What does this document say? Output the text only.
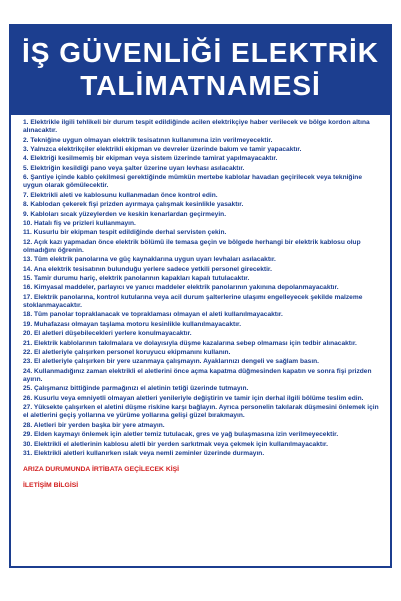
İŞ GÜVENLİĞİ ELEKTRİK
TALİMATNAMESİ
1. Elektrikle ilgili tehlikeli bir durum tespit edildiğinde acilen elektrikçiye haber verilecek ve bölge kordon altına alınacaktır.
2. Tekniğine uygun olmayan elektrik tesisatının kullanımına izin verilmeyecektir.
3. Yalnızca elektrikçiler elektrikli ekipman ve devreler üzerinde bakım ve tamir yapacaktır.
4. Elektriği kesilmemiş bir ekipman veya sistem üzerinde tamirat yapılmayacaktır.
5. Elektriğin kesildiği pano veya şalter üzerine uyarı levhası asılacaktır.
6. Şantiye içinde kablo çekilmesi gerektiğinde mümkün mertebe kablolar havadan geçirilecek veya tekniğine uygun olarak gömülecektir.
7. Elektrikli aleti ve kablosunu kullanmadan önce kontrol edin.
8. Kablodan çekerek fişi prizden ayırmaya çalışmak kesinlikle yasaktır.
9. Kabloları sıcak yüzeylerden ve keskin kenarlardan geçirmeyin.
10. Hatalı fiş ve prizleri kullanmayın.
11. Kusurlu bir ekipman tespit edildiğinde derhal servisten çekin.
12. Açık kazı yapmadan önce elektrik bölümü ile temasa geçin ve bölgede herhangi bir elektrik kablosu olup olmadığını öğrenin.
13. Tüm elektrik panolarına ve güç kaynaklarına uygun uyarı levhaları asılacaktır.
14. Ana elektrik tesisatının bulunduğu yerlere sadece yetkili personel girecektir.
15. Tamir durumu hariç, elektrik panolarının kapakları kapalı tutulacaktır.
16. Kimyasal maddeler, parlayıcı ve yanıcı maddeler elektrik panolarının yakınına depolanmayacaktır.
17. Elektrik panolarına, kontrol kutularına veya acil durum şalterlerine ulaşımı engelleyecek şekilde malzeme stoklanmayacaktır.
18. Tüm panolar topraklanacak ve topraklaması olmayan el aleti kullanılmayacaktır.
19. Muhafazası olmayan taşlama motoru kesinlikle kullanılmayacaktır.
20. El aletleri düşebilecekleri yerlere konulmayacaktır.
21. Elektrik kablolarının takılmalara ve dolayısıyla düşme kazalarına sebep olmaması için tedbir alınacaktır.
22. El aletleriyle çalışırken personel koruyucu ekipmanını kullanın.
23. El aletleriyle çalışırken bir yere uzanmaya çalışmayın. Ayaklarınızı dengeli ve sağlam basın.
24. Kullanmadığınız zaman elektrikli el aletlerini önce açma kapatma düğmesinden kapatın ve sonra fişi prizden ayırın.
25. Çalışmanız bittiğinde parmağınızı el aletinin tetiği üzerinde tutmayın.
26. Kusurlu veya emniyetli olmayan aletleri yenileriyle değiştirin ve tamir için derhal ilgili bölüme teslim edin.
27. Yüksekte çalışırken el aletini düşme riskine karşı bağlayın. Ayrıca personelin takılarak düşmesini önlemek için el aletlerini geçiş yollarına ve yürüme yollarına gelişi güzel bırakmayın.
28. Aletleri bir yerden başka bir yere atmayın.
29. Elden kaymayı önlemek için aletler temiz tutulacak, gres ve yağ bulaşmasına izin verilmeyecektir.
30. Elektrikli el aletlerinin kablosu aletli bir yerden sarkıtmak veya çekmek için kullanılmayacaktır.
31. Elektrikli aletleri kullanırken ıslak veya nemli zeminler üzerinde durmayın.
ARIZA DURUMUNDA İRTİBATA GEÇİLECEK KİŞİ
İLETİŞİM BİLGİSİ
